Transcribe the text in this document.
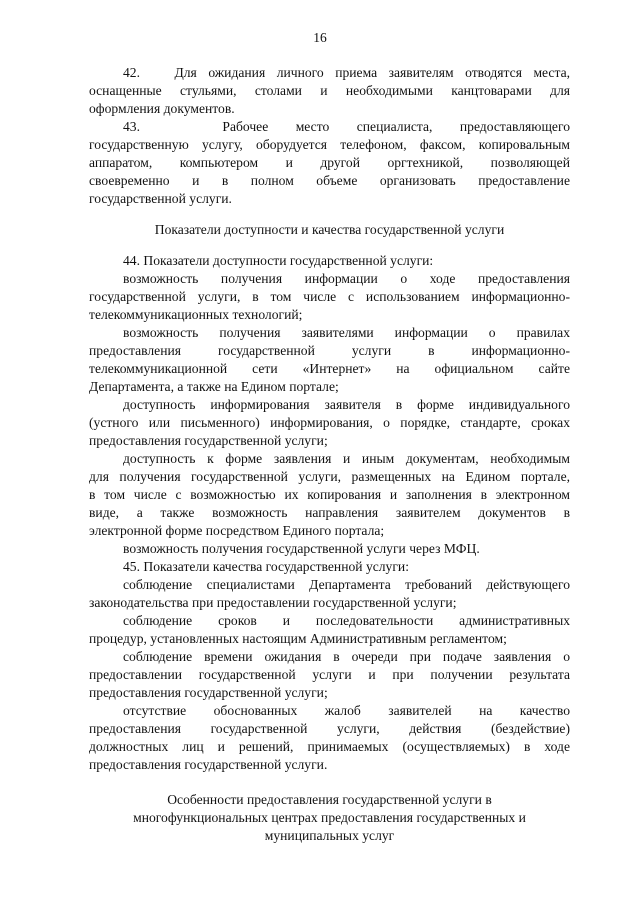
16
42.   Для ожидания личного приема заявителям отводятся места,
оснащенные стульями, столами и необходимыми канцтоварами для
оформления документов.
43.   Рабочее место специалиста, предоставляющего
государственную услугу, оборудуется телефоном, факсом, копировальным
аппаратом, компьютером и другой оргтехникой, позволяющей
своевременно и в полном объеме организовать предоставление
государственной услуги.
Показатели доступности и качества государственной услуги
44. Показатели доступности государственной услуги:
возможность получения информации о ходе предоставления
государственной услуги, в том числе с использованием информационно-
телекоммуникационных технологий;
возможность получения заявителями информации о правилах
предоставления государственной услуги в информационно-
телекоммуникационной сети «Интернет» на официальном сайте
Департамента, а также на Едином портале;
доступность информирования заявителя в форме индивидуального
(устного или письменного) информирования, о порядке, стандарте, сроках
предоставления государственной услуги;
доступность к форме заявления и иным документам, необходимым
для получения государственной услуги, размещенных на Едином портале,
в том числе с возможностью их копирования и заполнения в электронном
виде, а также возможность направления заявителем документов в
электронной форме посредством Единого портала;
возможность получения государственной услуги через МФЦ.
45. Показатели качества государственной услуги:
соблюдение специалистами Департамента требований действующего
законодательства при предоставлении государственной услуги;
соблюдение сроков и последовательности административных
процедур, установленных настоящим Административным регламентом;
соблюдение времени ожидания в очереди при подаче заявления о
предоставлении государственной услуги и при получении результата
предоставления государственной услуги;
отсутствие обоснованных жалоб заявителей на качество
предоставления государственной услуги, действия (бездействие)
должностных лиц и решений, принимаемых (осуществляемых) в ходе
предоставления государственной услуги.
Особенности предоставления государственной услуги в
многофункциональных центрах предоставления государственных и
муниципальных услуг
